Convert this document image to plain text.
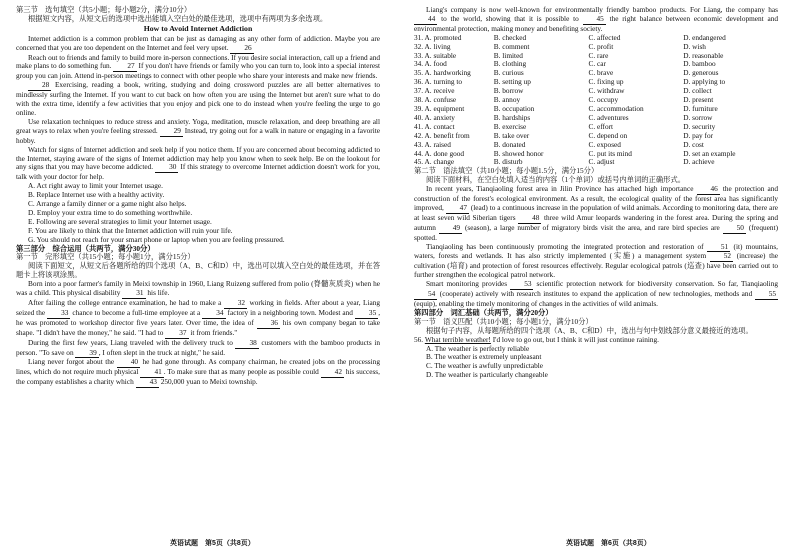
第三节　选句填空（共5小题；每小题2分，满分10分）

根据短文内容，从短文后的选项中选出能填入空白处的最佳选项，选项中有两项为多余选项。

How to Avoid Internet Addiction

Internet addiction is a common problem that can be just as damaging as any other form of addiction. Maybe you are concerned that you are too dependent on the Internet and feel very upset. 26

Reach out to friends and family to build more in-person connections. If you desire social interaction, call up a friend and make plans to do something fun. 27 If you don't have friends or family who you can turn to, look into a special interest group you can join. Attend in-person meetings to connect with other people who share your interests and make new friends.

28 Exercising, reading a book, writing, studying and doing crossword puzzles are all better alternatives to mindlessly surfing the Internet. If you want to cut back on how often you are using the Internet but aren't sure what to do with the extra time, identify a few activities that you enjoy and pick one to do instead when you're feeling the urge to go online.

Use relaxation techniques to reduce stress and anxiety. Yoga, meditation, muscle relaxation, and deep breathing are all great ways to relax when you're feeling stressed. 29 Instead, try going out for a walk in nature or engaging in a favorite hobby.

Watch for signs of Internet addiction and seek help if you notice them. If you are concerned about becoming addicted to the Internet, staying aware of the signs of Internet addiction may help you know when to seek help. Be on the lookout for any signs that you may have become addicted. 30 If this strategy to overcome Internet addiction doesn't work for you, talk with your doctor for help.

A. Act right away to limit your Internet usage.

B. Replace Internet use with a healthy activity.

C. Arrange a family dinner or a game night also helps.

D. Employ your extra time to do something worthwhile.

E. Following are several strategies to limit your Internet usage.

F. You are likely to think that the Internet addiction will ruin your life.

G. You should not reach for your smart phone or laptop when you are feeling pressured.

第三部分　综合运用（共两节，满分30分）

第一节　完形填空（共15小题；每小题1分，满分15分）

阅读下面短文，从短文后各题所给的四个选项（A、B、C和D）中，选出可以填入空白处的最佳选项，并在答题卡上将该项涂黑。

Born into a poor farmer's family in Meixi township in 1960, Liang Ruizeng suffered from polio (脊髓灰质炎) when he was a child. This physical disability 31 his life.

After failing the college entrance examination, he had to make a 32 working in fields. After about a year, Liang seized the 33 chance to become a full-time employee at a 34 factory in a neighboring town. Modest and 35 , he was promoted to workshop director five years later. Over time, the idea of 36 his own company began to take shape. "I didn't have the money," he said. "I had to 37 it from friends."

During the first few years, Liang traveled with the delivery truck to 38 customers with the bamboo products in person. "To save on 39 , I often slept in the truck at night," he said.

Liang never forgot about the 40 he had gone through. As company chairman, he created jobs on the processing lines, which do not require much physical 41 . To make sure that as many people as possible could 42 his success, the company establishes a charity which 43 250,000 yuan to Meixi township.

Liang's company is now well-known for environmentally friendly bamboo products. For Liang, the company has 44 to the world, showing that it is possible to 45 the right balance between economic development and environmental protection, making money and benefiting society.

31. A. promoted	B. checked	C. affected	D. endangered
32. A. living	B. comment	C. profit	D. wish
33. A. suitable	B. limited	C. rare	D. reasonable
34. A. food	B. clothing	C. car	D. bamboo
35. A. hardworking	B. curious	C. brave	D. generous
36. A. turning to	B. setting up	C. fixing up	D. applying to
37. A. receive	B. borrow	C. withdraw	D. collect
38. A. confuse	B. annoy	C. occupy	D. present
39. A. equipment	B. occupation	C. accommodation	D. furniture
40. A. anxiety	B. hardships	C. adventures	D. sorrow
41. A. contact	B. exercise	C. effort	D. security
42. A. benefit from	B. take over	C. depend on	D. pay for
43. A. raised	B. donated	C. exposed	D. cost
44. A. done good	B. showed honor	C. put its mind	D. set an example
45. A. change	B. disturb	C. adjust	D. achieve

第二节　语法填空（共10小题；每小题1.5分，满分15分）

阅读下面材料，在空白处填入适当的内容（1个单词）或括号内单词的正确形式。

In recent years, Tianqiaoling forest area in Jilin Province has attached high importance 46 the protection and construction of the forest's ecological environment. As a result, the ecological quality of the forest area has significantly improved, 47 (lead) to a continuous increase in the population of wild animals. According to monitoring data, there are at least seven wild Siberian tigers 48 three wild Amur leopards wandering in the forest area. During the spring and autumn 49 (season), a large number of migratory birds visit the area, and rare bird species are 50 (frequent) spotted.

Tianqiaoling has been continuously promoting the integrated protection and restoration of 51 (it) mountains, waters, forests and wetlands. It has also strictly implemented (实施) a management system 52 (increase) the cultivation (培育) and protection of forest resources effectively. Regular ecological patrols (巡查) have been carried out to further strengthen the ecological patrol network.

Smart monitoring provides 53 scientific protection network for biodiversity conservation. So far, Tianqiaoling 54 (cooperate) actively with research institutes to expand the application of new technologies, methods and 55 (equip), enabling the timely monitoring of changes in the activities of wild animals.

第四部分　词汇基础（共两节，满分20分）

第一节　语义匹配（共10小题；每小题1分，满分10分）

根据句子内容，从每题所给的四个选项（A、B、C和D）中，选出与句中划线部分意义最接近的选项。

56. What terrible weather! I'd love to go out, but I think it will just continue raining.

A. The weather is perfectly reliable

B. The weather is extremely unpleasant

C. The weather is awfully unpredictable

D. The weather is particularly changeable

英语试题　第5页（共8页）	英语试题　第6页（共8页）
